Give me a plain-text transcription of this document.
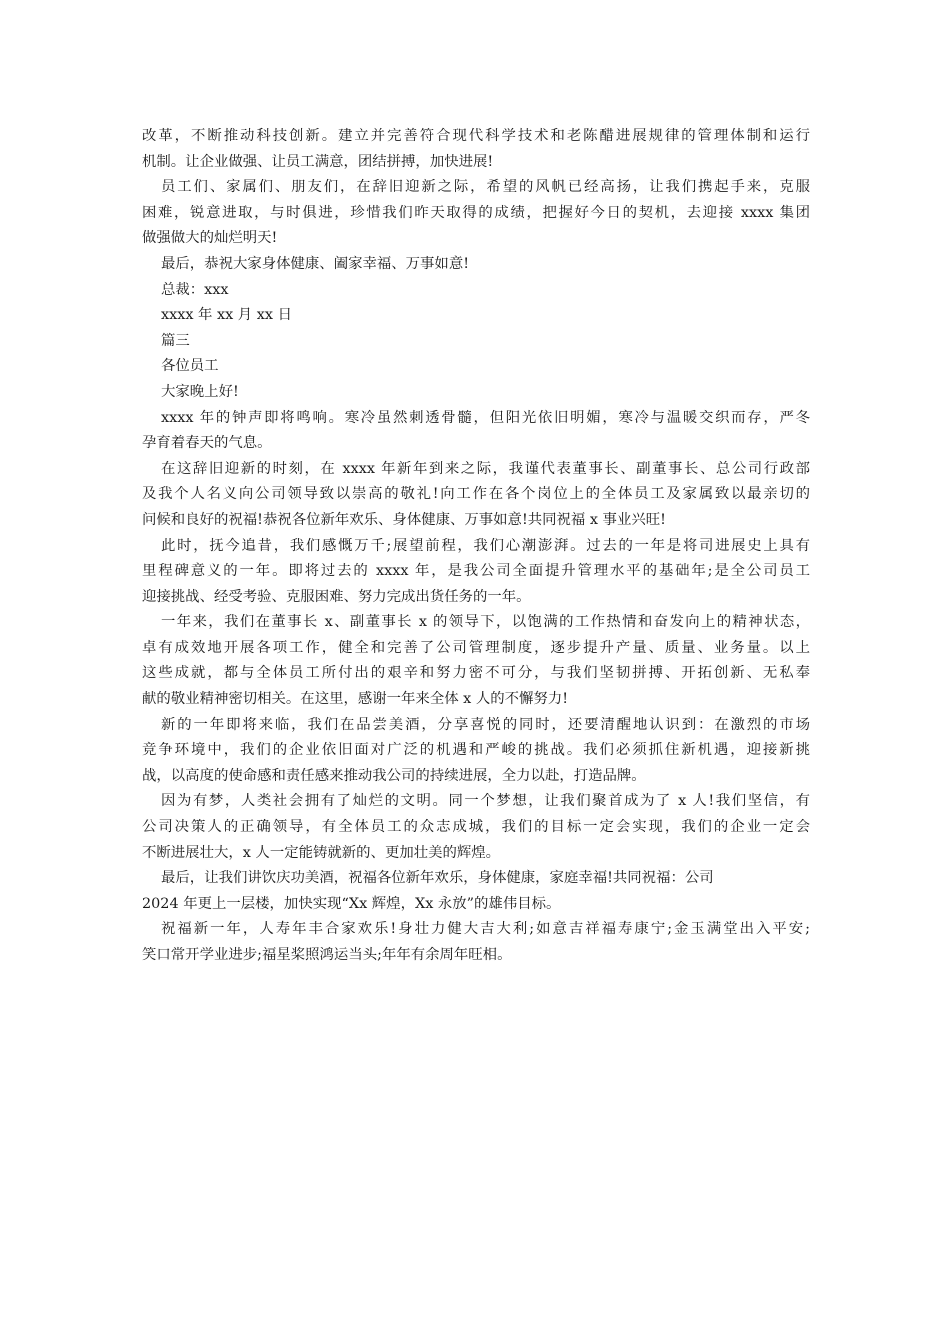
改革，不断推动科技创新。建立并完善符合现代科学技术和老陈醋进展规律的管理体制和运行
机制。让企业做强、让员工满意，团结拼搏，加快进展!
员工们、家属们、朋友们，在辞旧迎新之际，希望的风帆已经高扬，让我们携起手来，克服
困难，锐意进取，与时俱进，珍惜我们昨天取得的成绩，把握好今日的契机，去迎接 xxxx 集团
做强做大的灿烂明天!
最后，恭祝大家身体健康、阖家幸福、万事如意!
总裁：xxx
xxxx 年 xx 月 xx 日
篇三
各位员工
大家晚上好!
xxxx 年的钟声即将鸣响。寒冷虽然刺透骨髓，但阳光依旧明媚，寒冷与温暖交织而存，严冬
孕育着春天的气息。
在这辞旧迎新的时刻，在 xxxx 年新年到来之际，我谨代表董事长、副董事长、总公司行政部
及我个人名义向公司领导致以崇高的敬礼!向工作在各个岗位上的全体员工及家属致以最亲切的
问候和良好的祝福!恭祝各位新年欢乐、身体健康、万事如意!共同祝福 x 事业兴旺!
此时，抚今追昔，我们感慨万千;展望前程，我们心潮澎湃。过去的一年是将司进展史上具有
里程碑意义的一年。即将过去的 xxxx 年，是我公司全面提升管理水平的基础年;是全公司员工
迎接挑战、经受考验、克服困难、努力完成出货任务的一年。
一年来，我们在董事长 x、副董事长 x 的领导下，以饱满的工作热情和奋发向上的精神状态，
卓有成效地开展各项工作，健全和完善了公司管理制度，逐步提升产量、质量、业务量。以上
这些成就，都与全体员工所付出的艰辛和努力密不可分，与我们坚韧拼搏、开拓创新、无私奉
献的敬业精神密切相关。在这里，感谢一年来全体 x 人的不懈努力!
新的一年即将来临，我们在品尝美酒，分享喜悦的同时，还要清醒地认识到：在激烈的市场
竞争环境中，我们的企业依旧面对广泛的机遇和严峻的挑战。我们必须抓住新机遇，迎接新挑
战，以高度的使命感和责任感来推动我公司的持续进展，全力以赴，打造品牌。
因为有梦，人类社会拥有了灿烂的文明。同一个梦想，让我们聚首成为了 x 人!我们坚信，有
公司决策人的正确领导，有全体员工的众志成城，我们的目标一定会实现，我们的企业一定会
不断进展壮大，x 人一定能铸就新的、更加壮美的辉煌。
最后，让我们讲饮庆功美酒，祝福各位新年欢乐，身体健康，家庭幸福!共同祝福：公司
2024 年更上一层楼，加快实现“Xx 辉煌，Xx 永放”的雄伟目标。
祝福新一年，人寿年丰合家欢乐!身壮力健大吉大利;如意吉祥福寿康宁;金玉满堂出入平安;
笑口常开学业进步;福星桨照鸿运当头;年年有余周年旺相。
